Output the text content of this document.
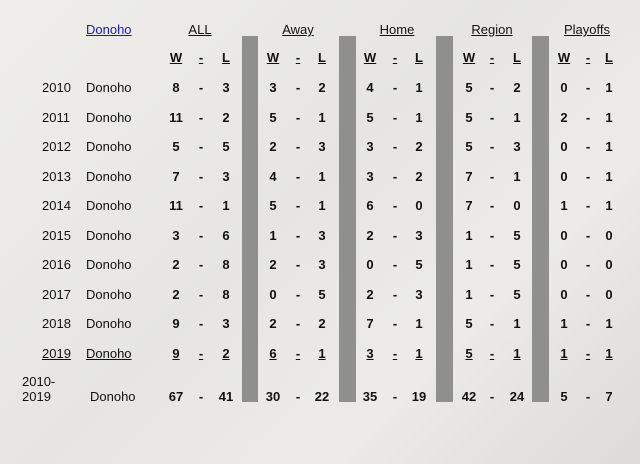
Donoho	ALL	Away	Home	Region	Playoffs
W	-	L	W	-	L	W	-	L	W	-	L	W	-	L
2010 Donoho	8	-	3	3	-	2	4	-	1	5	-	2	0	-	1
2011 Donoho	11	-	2	5	-	1	5	-	1	5	-	1	2	-	1
2012 Donoho	5	-	5	2	-	3	3	-	2	5	-	3	0	-	1
2013 Donoho	7	-	3	4	-	1	3	-	2	7	-	1	0	-	1
2014 Donoho	11	-	1	5	-	1	6	-	0	7	-	0	1	-	1
2015 Donoho	3	-	6	1	-	3	2	-	3	1	-	5	0	-	0
2016 Donoho	2	-	8	2	-	3	0	-	5	1	-	5	0	-	0
2017 Donoho	2	-	8	0	-	5	2	-	3	1	-	5	0	-	0
2018 Donoho	9	-	3	2	-	2	7	-	1	5	-	1	1	-	1
2019 Donoho	9	-	2	6	-	1	3	-	1	5	-	1	1	-	1
2010-
2019	Donoho	67	-	41	30	-	22	35	-	19	42	-	24	5	-	7
